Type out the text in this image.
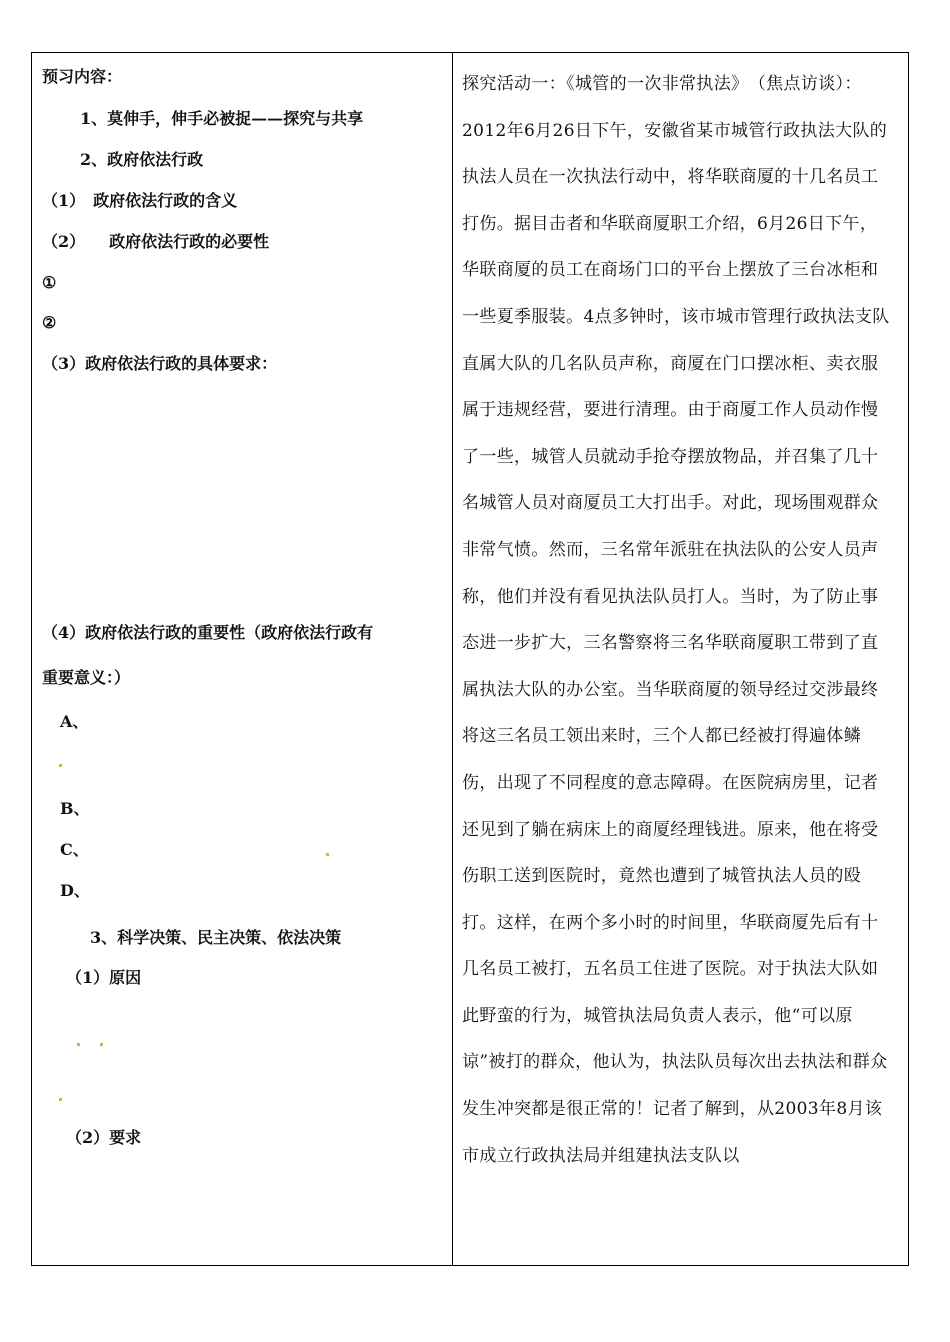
预习内容：
1、莫伸手，伸手必被捉——探究与共享
2、政府依法行政
（1）　政府依法行政的含义
（2）　　政府依法行政的必要性
①
②
（3）政府依法行政的具体要求：
（4）政府依法行政的重要性（政府依法行政有
重要意义：）
A、
B、
C、
D、
3、科学决策、民主决策、依法决策
（1）原因
（2）要求
探究活动一：《城管的一次非常执法》　（焦点访谈）：2012年6月26日下午，安徽省某市城管行政执法大队的执法人员在一次执法行动中，将华联商厦的十几名员工打伤。据目击者和华联商厦职工介绍，6月26日下午，华联商厦的员工在商场门口的平台上摆放了三台冰柜和一些夏季服装。4点多钟时，该市城市管理行政执法支队直属大队的几名队员声称，商厦在门口摆冰柜、卖衣服属于违规经营，要进行清理。由于商厦工作人员动作慢了一些，城管人员就动手抢夺摆放物品，并召集了几十名城管人员对商厦员工大打出手。对此，现场围观群众非常气愤。然而，三名常年派驻在执法队的公安人员声称，他们并没有看见执法队员打人。当时，为了防止事态进一步扩大，三名警察将三名华联商厦职工带到了直属执法大队的办公室。当华联商厦的领导经过交涉最终将这三名员工领出来时，三个人都已经被打得遍体鳞伤，出现了不同程度的意志障碍。在医院病房里，记者还见到了躺在病床上的商厦经理钱进。原来，他在将受伤职工送到医院时，竟然也遭到了城管执法人员的殴打。这样，在两个多小时的时间里，华联商厦先后有十几名员工被打，五名员工住进了医院。对于执法大队如此野蛮的行为，城管执法局负责人表示，他“可以原谅”被打的群众，他认为，执法队员每次出去执法和群众发生冲突都是很正常的！记者了解到，从2003年8月该市成立行政执法局并组建执法支队以
